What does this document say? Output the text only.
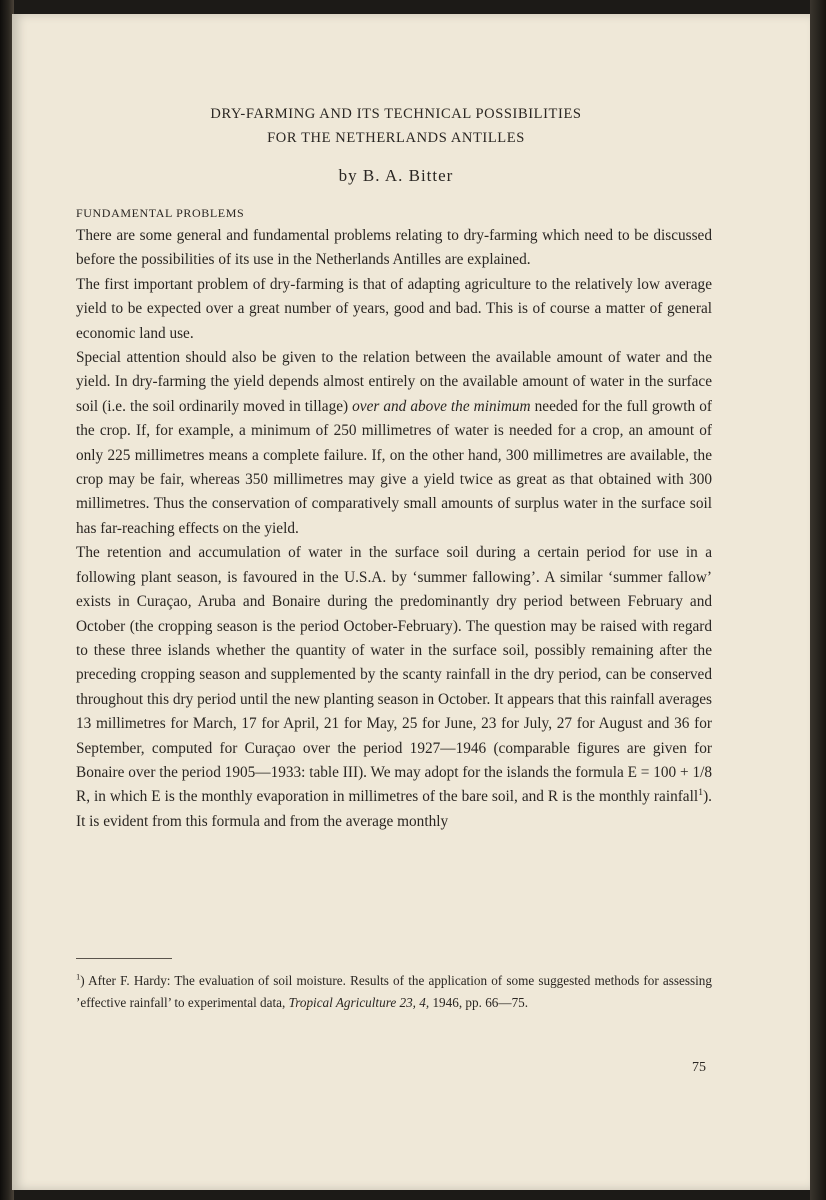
DRY-FARMING AND ITS TECHNICAL POSSIBILITIES
FOR THE NETHERLANDS ANTILLES
by B. A. Bitter
FUNDAMENTAL PROBLEMS

There are some general and fundamental problems relating to dry-farming which need to be discussed before the possibilities of its use in the Netherlands Antilles are explained.

The first important problem of dry-farming is that of adapting agriculture to the relatively low average yield to be expected over a great number of years, good and bad. This is of course a matter of general economic land use.

Special attention should also be given to the relation between the available amount of water and the yield. In dry-farming the yield depends almost entirely on the available amount of water in the surface soil (i.e. the soil ordinarily moved in tillage) over and above the minimum needed for the full growth of the crop. If, for example, a minimum of 250 millimetres of water is needed for a crop, an amount of only 225 millimetres means a complete failure. If, on the other hand, 300 millimetres are available, the crop may be fair, whereas 350 millimetres may give a yield twice as great as that obtained with 300 millimetres. Thus the conservation of comparatively small amounts of surplus water in the surface soil has far-reaching effects on the yield.

The retention and accumulation of water in the surface soil during a certain period for use in a following plant season, is favoured in the U.S.A. by ‘summer fallowing’. A similar ‘summer fallow’ exists in Curaçao, Aruba and Bonaire during the predominantly dry period between February and October (the cropping season is the period October-February). The question may be raised with regard to these three islands whether the quantity of water in the surface soil, possibly remaining after the preceding cropping season and supplemented by the scanty rainfall in the dry period, can be conserved throughout this dry period until the new planting season in October. It appears that this rainfall averages 13 millimetres for March, 17 for April, 21 for May, 25 for June, 23 for July, 27 for August and 36 for September, computed for Curaçao over the period 1927—1946 (comparable figures are given for Bonaire over the period 1905—1933: table III). We may adopt for the islands the formula E = 100 + 1/8 R, in which E is the monthly evaporation in millimetres of the bare soil, and R is the monthly rainfall$^1$). It is evident from this formula and from the average monthly

$^1$) After F. Hardy: The evaluation of soil moisture. Results of the application of some suggested methods for assessing ’effective rainfall’ to experimental data, Tropical Agriculture 23, 4, 1946, pp. 66—75.
75
